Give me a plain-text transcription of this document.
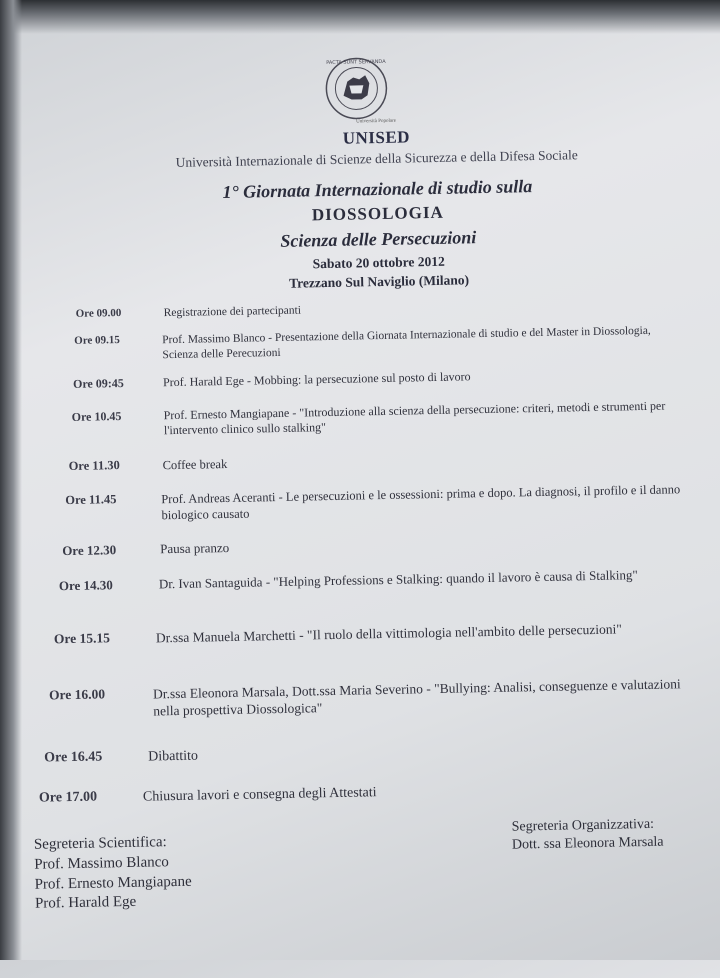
PACTA SUNT SERVANDA
Università Popolare
UNISED
Università Internazionale di Scienze della Sicurezza e della Difesa Sociale
1° Giornata Internazionale di studio sulla
DIOSSOLOGIA
Scienza delle Persecuzioni
Sabato 20 ottobre 2012
Trezzano Sul Naviglio (Milano)
Ore 09.00	Registrazione dei partecipanti
Ore 09.15	Prof. Massimo Blanco - Presentazione della Giornata Internazionale di studio e del Master in Diossologia, Scienza delle Perecuzioni
Ore 09:45	Prof. Harald Ege - Mobbing: la persecuzione sul posto di lavoro
Ore 10.45	Prof. Ernesto Mangiapane - "Introduzione alla scienza della persecuzione: criteri, metodi e strumenti per l'intervento clinico sullo stalking"
Ore 11.30	Coffee break
Ore 11.45	Prof. Andreas Aceranti - Le persecuzioni e le ossessioni: prima e dopo. La diagnosi, il profilo e il danno biologico causato
Ore 12.30	Pausa pranzo
Ore 14.30	Dr. Ivan Santaguida - "Helping Professions e Stalking: quando il lavoro è causa di Stalking"
Ore 15.15	Dr.ssa Manuela Marchetti - "Il ruolo della vittimologia nell'ambito delle persecuzioni"
Ore 16.00	Dr.ssa Eleonora Marsala, Dott.ssa Maria Severino - "Bullying: Analisi, conseguenze e valutazioni nella prospettiva Diossologica"
Ore 16.45	Dibattito
Ore 17.00	Chiusura lavori e consegna degli Attestati
Segreteria Scientifica:
Prof. Massimo Blanco
Prof. Ernesto Mangiapane
Prof. Harald Ege
Segreteria Organizzativa:
Dott. ssa Eleonora Marsala
